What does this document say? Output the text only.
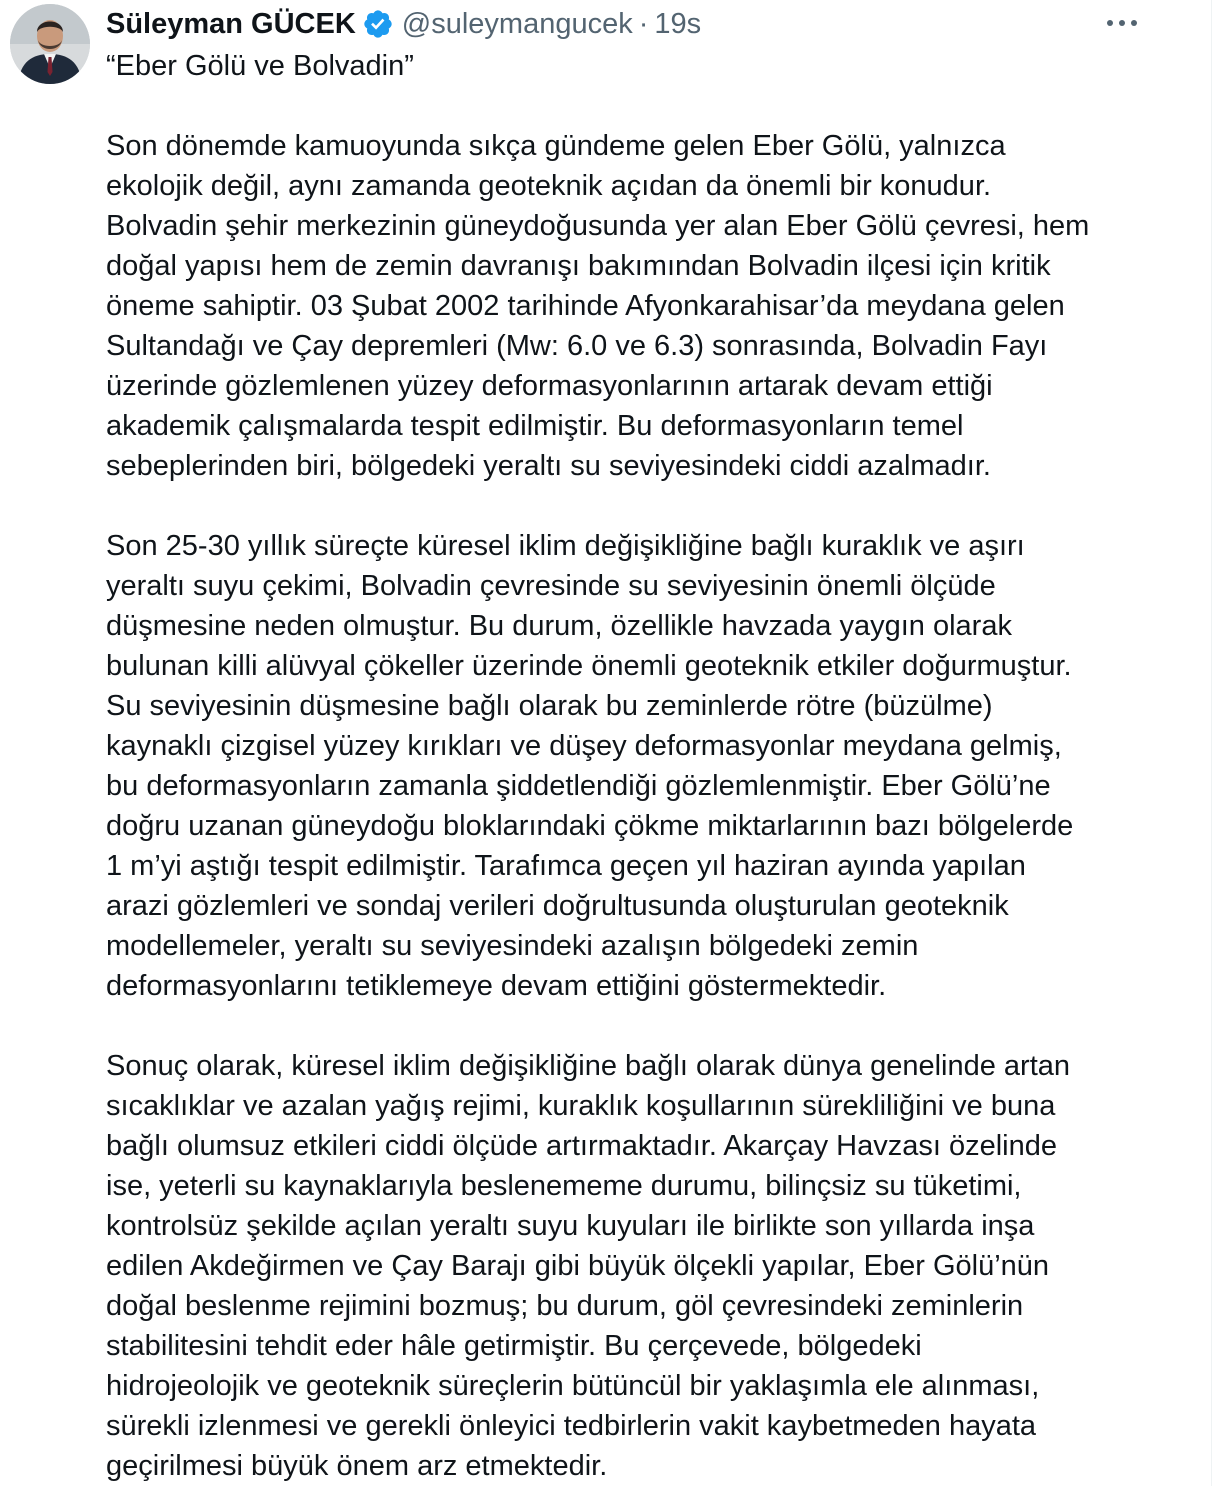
Süleyman GÜCEK @suleymangucek · 19s

“Eber Gölü ve Bolvadin”

Son dönemde kamuoyunda sıkça gündeme gelen Eber Gölü, yalnızca
ekolojik değil, aynı zamanda geoteknik açıdan da önemli bir konudur.
Bolvadin şehir merkezinin güneydoğusunda yer alan Eber Gölü çevresi, hem
doğal yapısı hem de zemin davranışı bakımından Bolvadin ilçesi için kritik
öneme sahiptir. 03 Şubat 2002 tarihinde Afyonkarahisar’da meydana gelen
Sultandağı ve Çay depremleri (Mw: 6.0 ve 6.3) sonrasında, Bolvadin Fayı
üzerinde gözlemlenen yüzey deformasyonlarının artarak devam ettiği
akademik çalışmalarda tespit edilmiştir. Bu deformasyonların temel
sebeplerinden biri, bölgedeki yeraltı su seviyesindeki ciddi azalmadır.

Son 25-30 yıllık süreçte küresel iklim değişikliğine bağlı kuraklık ve aşırı
yeraltı suyu çekimi, Bolvadin çevresinde su seviyesinin önemli ölçüde
düşmesine neden olmuştur. Bu durum, özellikle havzada yaygın olarak
bulunan killi alüvyal çökeller üzerinde önemli geoteknik etkiler doğurmuştur.
Su seviyesinin düşmesine bağlı olarak bu zeminlerde rötre (büzülme)
kaynaklı çizgisel yüzey kırıkları ve düşey deformasyonlar meydana gelmiş,
bu deformasyonların zamanla şiddetlendiği gözlemlenmiştir. Eber Gölü’ne
doğru uzanan güneydoğu bloklarındaki çökme miktarlarının bazı bölgelerde
1 m’yi aştığı tespit edilmiştir. Tarafımca geçen yıl haziran ayında yapılan
arazi gözlemleri ve sondaj verileri doğrultusunda oluşturulan geoteknik
modellemeler, yeraltı su seviyesindeki azalışın bölgedeki zemin
deformasyonlarını tetiklemeye devam ettiğini göstermektedir.

Sonuç olarak, küresel iklim değişikliğine bağlı olarak dünya genelinde artan
sıcaklıklar ve azalan yağış rejimi, kuraklık koşullarının sürekliliğini ve buna
bağlı olumsuz etkileri ciddi ölçüde artırmaktadır. Akarçay Havzası özelinde
ise, yeterli su kaynaklarıyla beslenememe durumu, bilinçsiz su tüketimi,
kontrolsüz şekilde açılan yeraltı suyu kuyuları ile birlikte son yıllarda inşa
edilen Akdeğirmen ve Çay Barajı gibi büyük ölçekli yapılar, Eber Gölü’nün
doğal beslenme rejimini bozmuş; bu durum, göl çevresindeki zeminlerin
stabilitesini tehdit eder hâle getirmiştir. Bu çerçevede, bölgedeki
hidrojeolojik ve geoteknik süreçlerin bütüncül bir yaklaşımla ele alınması,
sürekli izlenmesi ve gerekli önleyici tedbirlerin vakit kaybetmeden hayata
geçirilmesi büyük önem arz etmektedir.
